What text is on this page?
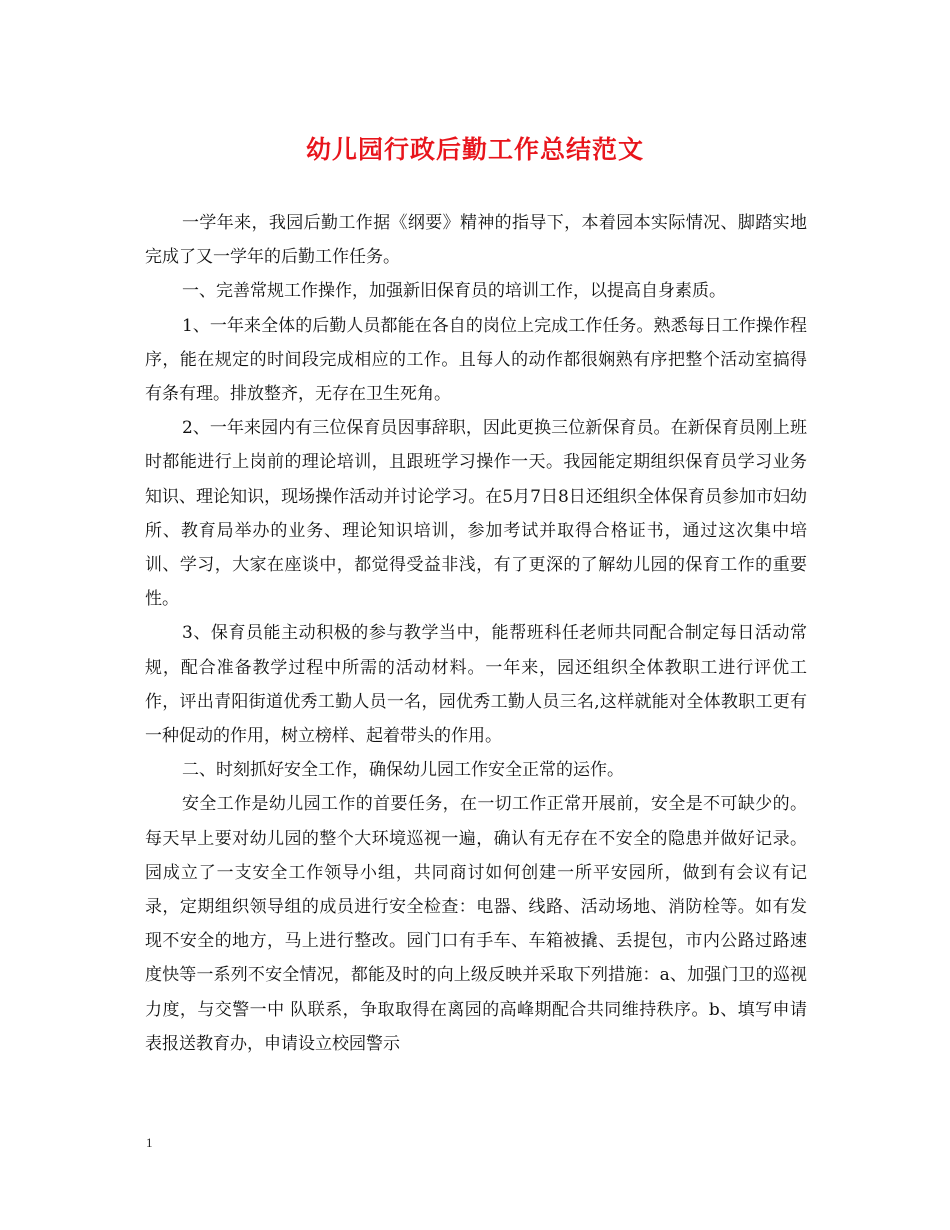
幼儿园行政后勤工作总结范文

一学年来，我园后勤工作据《纲要》精神的指导下，本着园本实际情况、脚踏实地完成了又一学年的后勤工作任务。

一、完善常规工作操作，加强新旧保育员的培训工作，以提高自身素质。

1、一年来全体的后勤人员都能在各自的岗位上完成工作任务。熟悉每日工作操作程序，能在规定的时间段完成相应的工作。且每人的动作都很娴熟有序把整个活动室搞得有条有理。排放整齐，无存在卫生死角。

2、一年来园内有三位保育员因事辞职，因此更换三位新保育员。在新保育员刚上班时都能进行上岗前的理论培训，且跟班学习操作一天。我园能定期组织保育员学习业务知识、理论知识，现场操作活动并讨论学习。在5月7日8日还组织全体保育员参加市妇幼所、教育局举办的业务、理论知识培训，参加考试并取得合格证书，通过这次集中培训、学习，大家在座谈中，都觉得受益非浅，有了更深的了解幼儿园的保育工作的重要性。

3、保育员能主动积极的参与教学当中，能帮班科任老师共同配合制定每日活动常规，配合准备教学过程中所需的活动材料。一年来，园还组织全体教职工进行评优工作，评出青阳街道优秀工勤人员一名，园优秀工勤人员三名,这样就能对全体教职工更有一种促动的作用，树立榜样、起着带头的作用。

二、时刻抓好安全工作，确保幼儿园工作安全正常的运作。

安全工作是幼儿园工作的首要任务，在一切工作正常开展前，安全是不可缺少的。每天早上要对幼儿园的整个大环境巡视一遍，确认有无存在不安全的隐患并做好记录。园成立了一支安全工作领导小组，共同商讨如何创建一所平安园所，做到有会议有记录，定期组织领导组的成员进行安全检查：电器、线路、活动场地、消防栓等。如有发现不安全的地方，马上进行整改。园门口有手车、车箱被撬、丢提包，市内公路过路速度快等一系列不安全情况，都能及时的向上级反映并采取下列措施：a、加强门卫的巡视力度，与交警一中 队联系，争取取得在离园的高峰期配合共同维持秩序。b、填写申请表报送教育办，申请设立校园警示

1
